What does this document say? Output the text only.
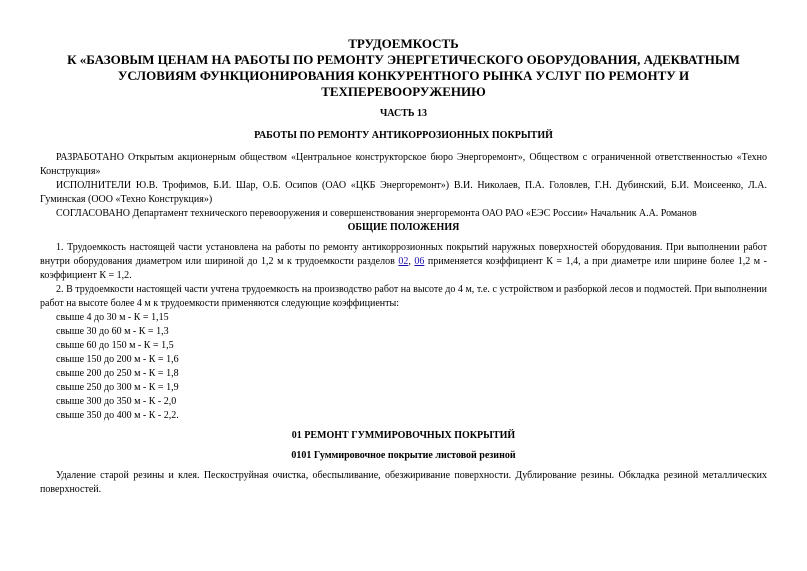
ТРУДОЕМКОСТЬ

К «БАЗОВЫМ ЦЕНАМ НА РАБОТЫ ПО РЕМОНТУ ЭНЕРГЕТИЧЕСКОГО ОБОРУДОВАНИЯ, АДЕКВАТНЫМ

УСЛОВИЯМ ФУНКЦИОНИРОВАНИЯ КОНКУРЕНТНОГО РЫНКА УСЛУГ ПО РЕМОНТУ И

ТЕХПЕРЕВООРУЖЕНИЮ

ЧАСТЬ 13

РАБОТЫ ПО РЕМОНТУ АНТИКОРРОЗИОННЫХ ПОКРЫТИЙ

РАЗРАБОТАНО Открытым акционерным обществом «Центральное конструкторское бюро Энергоремонт», Обществом с ограниченной ответственностью «Техно Конструкция»

ИСПОЛНИТЕЛИ Ю.В. Трофимов, Б.И. Шар, О.Б. Осипов (ОАО «ЦКБ Энергоремонт») В.И. Николаев, П.А. Головлев, Г.Н. Дубинский, Б.И. Моисеенко, Л.А. Гуминская (ООО «Техно Конструкция»)

СОГЛАСОВАНО Департамент технического перевооружения и совершенствования энергоремонта ОАО РАО «ЕЭС России» Начальник А.А. Романов

ОБЩИЕ ПОЛОЖЕНИЯ

1. Трудоемкость настоящей части установлена на работы по ремонту антикоррозионных покрытий наружных поверхностей оборудования. При выполнении работ внутри оборудования диаметром или шириной до 1,2 м к трудоемкости разделов 02, 06 применяется коэффициент К = 1,4, а при диаметре или ширине более 1,2 м - коэффициент К = 1,2.

2. В трудоемкости настоящей части учтена трудоемкость на производство работ на высоте до 4 м, т.е. с устройством и разборкой лесов и подмостей. При выполнении работ на высоте более 4 м к трудоемкости применяются следующие коэффициенты:

свыше 4 до 30 м - К = 1,15
свыше 30 до 60 м - К = 1,3
свыше 60 до 150 м - К = 1,5
свыше 150 до 200 м - К = 1,6
свыше 200 до 250 м - К = 1,8
свыше 250 до 300 м - К = 1,9
свыше 300 до 350 м - К - 2,0
свыше 350 до 400 м - К - 2,2.

01 РЕМОНТ ГУММИРОВОЧНЫХ ПОКРЫТИЙ

0101 Гуммировочное покрытие листовой резиной

Удаление старой резины и клея. Пескоструйная очистка, обеспыливание, обезжиривание поверхности. Дублирование резины. Обкладка резиной металлических поверхностей.
